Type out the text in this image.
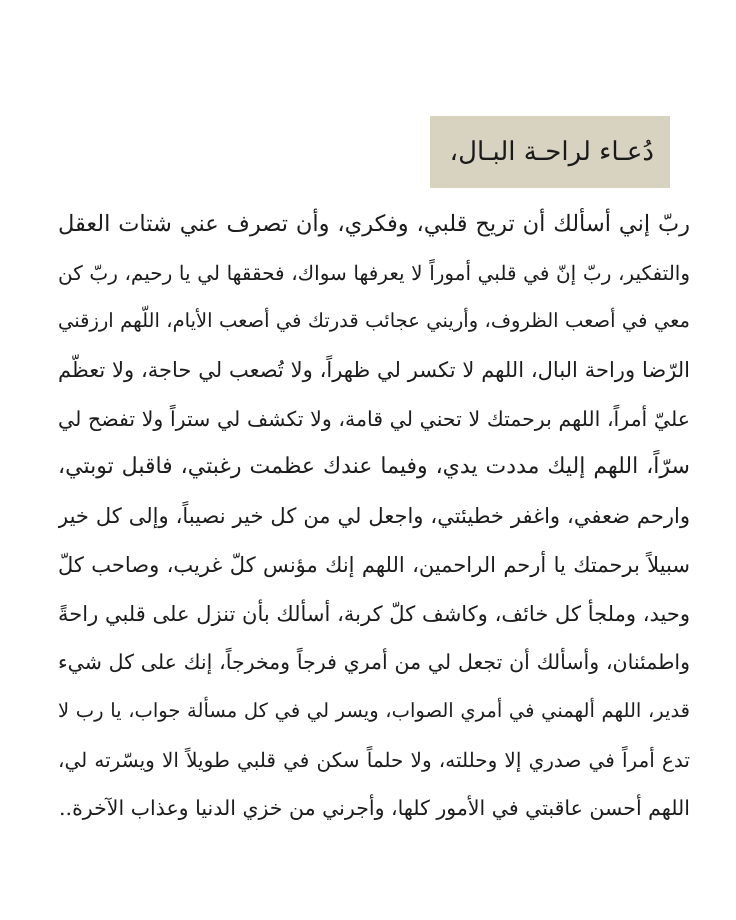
دُعـاء لراحـة البـال،
ربّ إني أسألك أن تريح قلبي، وفكري، وأن تصرف عني شتات العقل
والتفكير، ربّ إنّ في قلبي أموراً لا يعرفها سواك، فحققها لي يا رحيم، ربّ كن
معي في أصعب الظروف، وأريني عجائب قدرتك في أصعب الأيام، اللّهم ارزقني
الرّضا وراحة البال، اللهم لا تكسر لي ظهراً، ولا تُصعب لي حاجة، ولا تعظّم
عليّ أمراً، اللهم برحمتك لا تحني لي قامة، ولا تكشف لي ستراً ولا تفضح لي
سرّاً، اللهم إليك مددت يدي، وفيما عندك عظمت رغبتي، فاقبل توبتي،
وارحم ضعفي، واغفر خطيئتي، واجعل لي من كل خير نصيباً، وإلى كل خير
سبيلاً برحمتك يا أرحم الراحمين، اللهم إنك مؤنس كلّ غريب، وصاحب كلّ
وحيد، وملجأ كل خائف، وكاشف كلّ كربة، أسألك بأن تنزل على قلبي راحةً
واطمئنان، وأسألك أن تجعل لي من أمري فرجاً ومخرجاً، إنك على كل شيء
قدير، اللهم ألهمني في أمري الصواب، ويسر لي في كل مسألة جواب، يا رب لا
تدع أمراً في صدري إلا وحللته، ولا حلماً سكن في قلبي طويلاً الا ويسّرته لي،
اللهم أحسن عاقبتي في الأمور كلها، وأجرني من خزي الدنيا وعذاب الآخرة..
